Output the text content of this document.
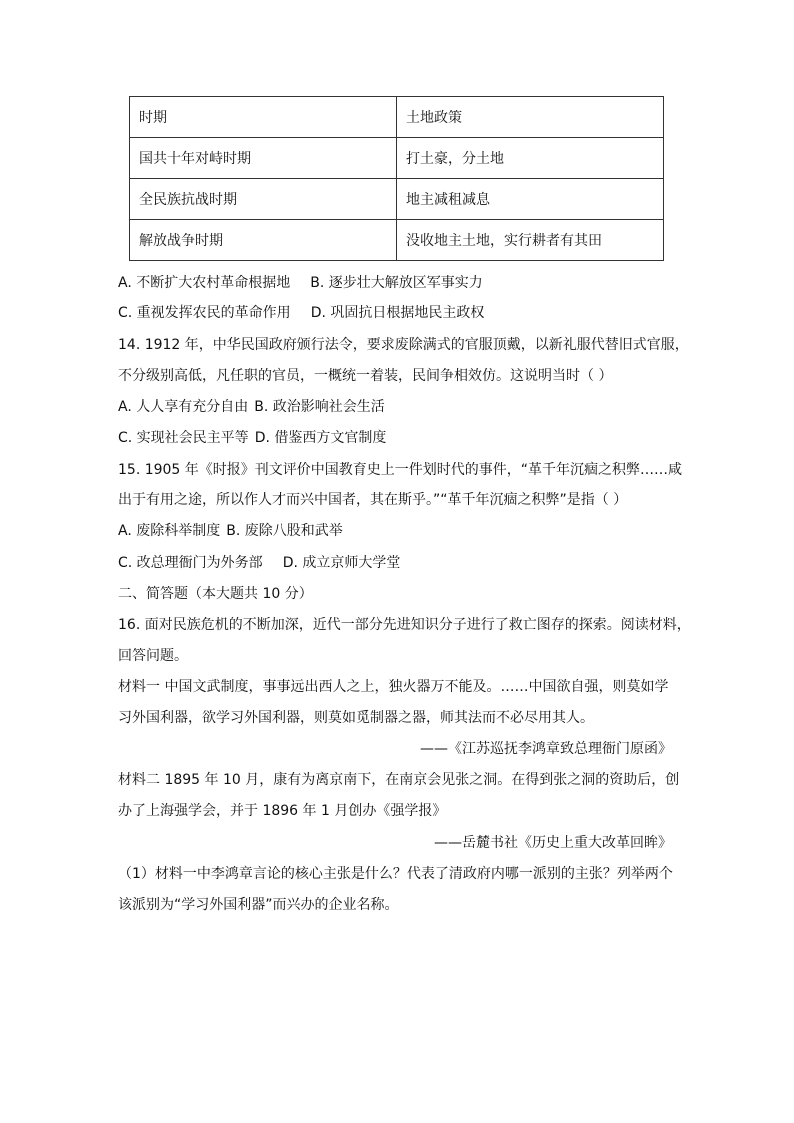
时期	土地政策
国共十年对峙时期	打土豪，分土地
全民族抗战时期	地主减租减息
解放战争时期	没收地主土地，实行耕者有其田
A. 不断扩大农村革命根据地 B. 逐步壮大解放区军事实力
C. 重视发挥农民的革命作用 D. 巩固抗日根据地民主政权
14. 1912 年，中华民国政府颁行法令，要求废除满式的官服顶戴，以新礼服代替旧式官服，
不分级别高低，凡任职的官员，一概统一着装，民间争相效仿。这说明当时（ ）
A. 人人享有充分自由 B. 政治影响社会生活
C. 实现社会民主平等 D. 借鉴西方文官制度
15. 1905 年《时报》刊文评价中国教育史上一件划时代的事件，“革千年沉痼之积弊……咸
出于有用之途，所以作人才而兴中国者，其在斯乎。”“革千年沉痼之积弊”是指（ ）
A. 废除科举制度 B. 废除八股和武举
C. 改总理衙门为外务部 D. 成立京师大学堂
二、简答题（本大题共 10 分）
16. 面对民族危机的不断加深，近代一部分先进知识分子进行了救亡图存的探索。阅读材料，
回答问题。
材料一 中国文武制度，事事远出西人之上，独火器万不能及。……中国欲自强，则莫如学
习外国利器，欲学习外国利器，则莫如觅制器之器，师其法而不必尽用其人。
——《江苏巡抚李鸿章致总理衙门原函》
材料二 1895 年 10 月，康有为离京南下，在南京会见张之洞。在得到张之洞的资助后，创
办了上海强学会，并于 1896 年 1 月创办《强学报》
——岳麓书社《历史上重大改革回眸》
（1）材料一中李鸿章言论的核心主张是什么？代表了清政府内哪一派别的主张？列举两个
该派别为“学习外国利器”而兴办的企业名称。
